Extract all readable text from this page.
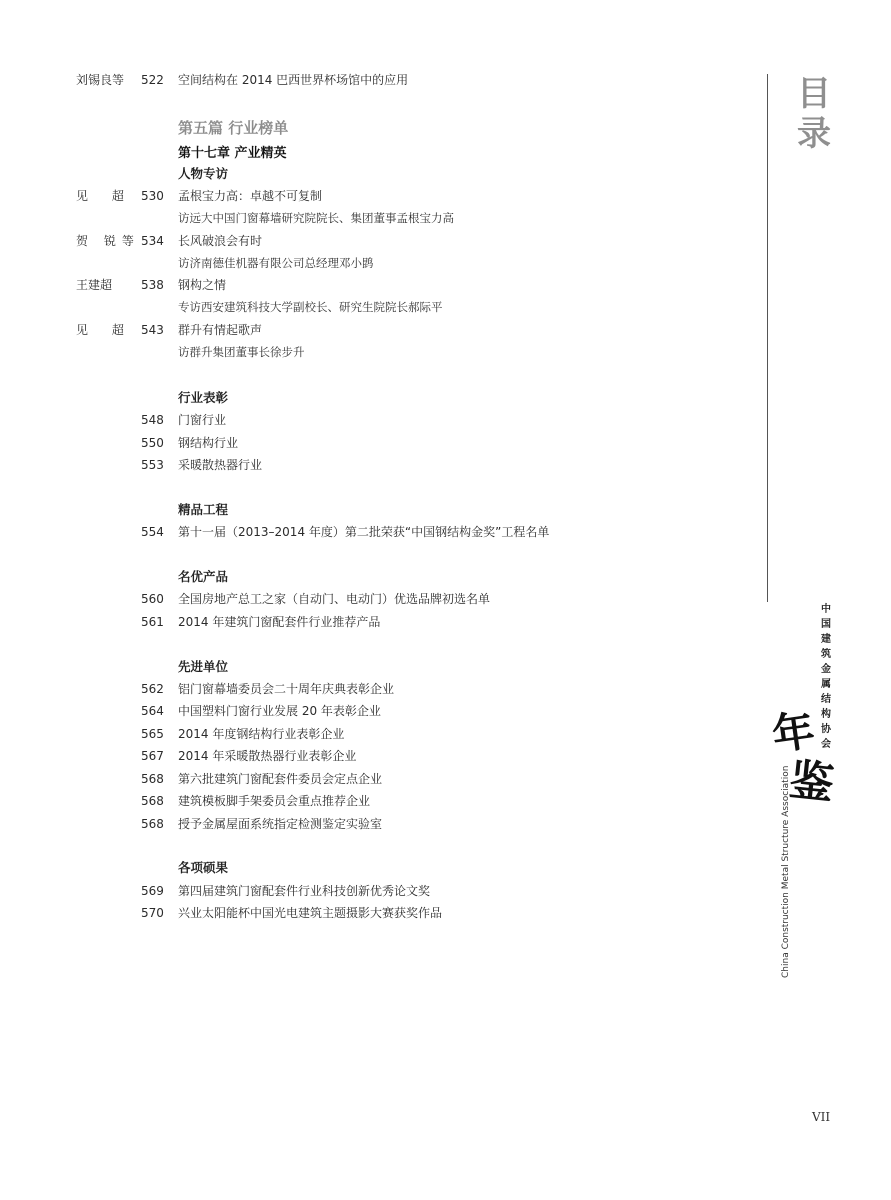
刘锡良等	522	空间结构在 2014 巴西世界杯场馆中的应用
第五篇 行业榜单
第十七章 产业精英
人物专访
见 超 530	孟根宝力高：卓越不可复制
访远大中国门窗幕墙研究院院长、集团董事孟根宝力高
贺 锐等 534	长风破浪会有时
访济南德佳机器有限公司总经理邓小鹍
王建超	538	钢构之情
专访西安建筑科技大学副校长、研究生院院长郝际平
见 超 543	群升有情起歌声
访群升集团董事长徐步升
行业表彰
548	门窗行业
550	钢结构行业
553	采暖散热器行业
精品工程
554	第十一届（2013–2014 年度）第二批荣获“中国钢结构金奖”工程名单
名优产品
560	全国房地产总工之家（自动门、电动门）优选品牌初选名单
561	2014 年建筑门窗配套件行业推荐产品
先进单位
562	铝门窗幕墙委员会二十周年庆典表彰企业
564	中国塑料门窗行业发展 20 年表彰企业
565	2014 年度钢结构行业表彰企业
567	2014 年采暖散热器行业表彰企业
568	第六批建筑门窗配套件委员会定点企业
568	建筑模板脚手架委员会重点推荐企业
568	授予金属屋面系统指定检测鉴定实验室
各项硕果
569	第四届建筑门窗配套件行业科技创新优秀论文奖
570	兴业太阳能杯中国光电建筑主题摄影大赛获奖作品
目
录
中
国
建
筑
金
属
结
构
协
会
年
鉴
China Construction Metal Structure Association
VII
